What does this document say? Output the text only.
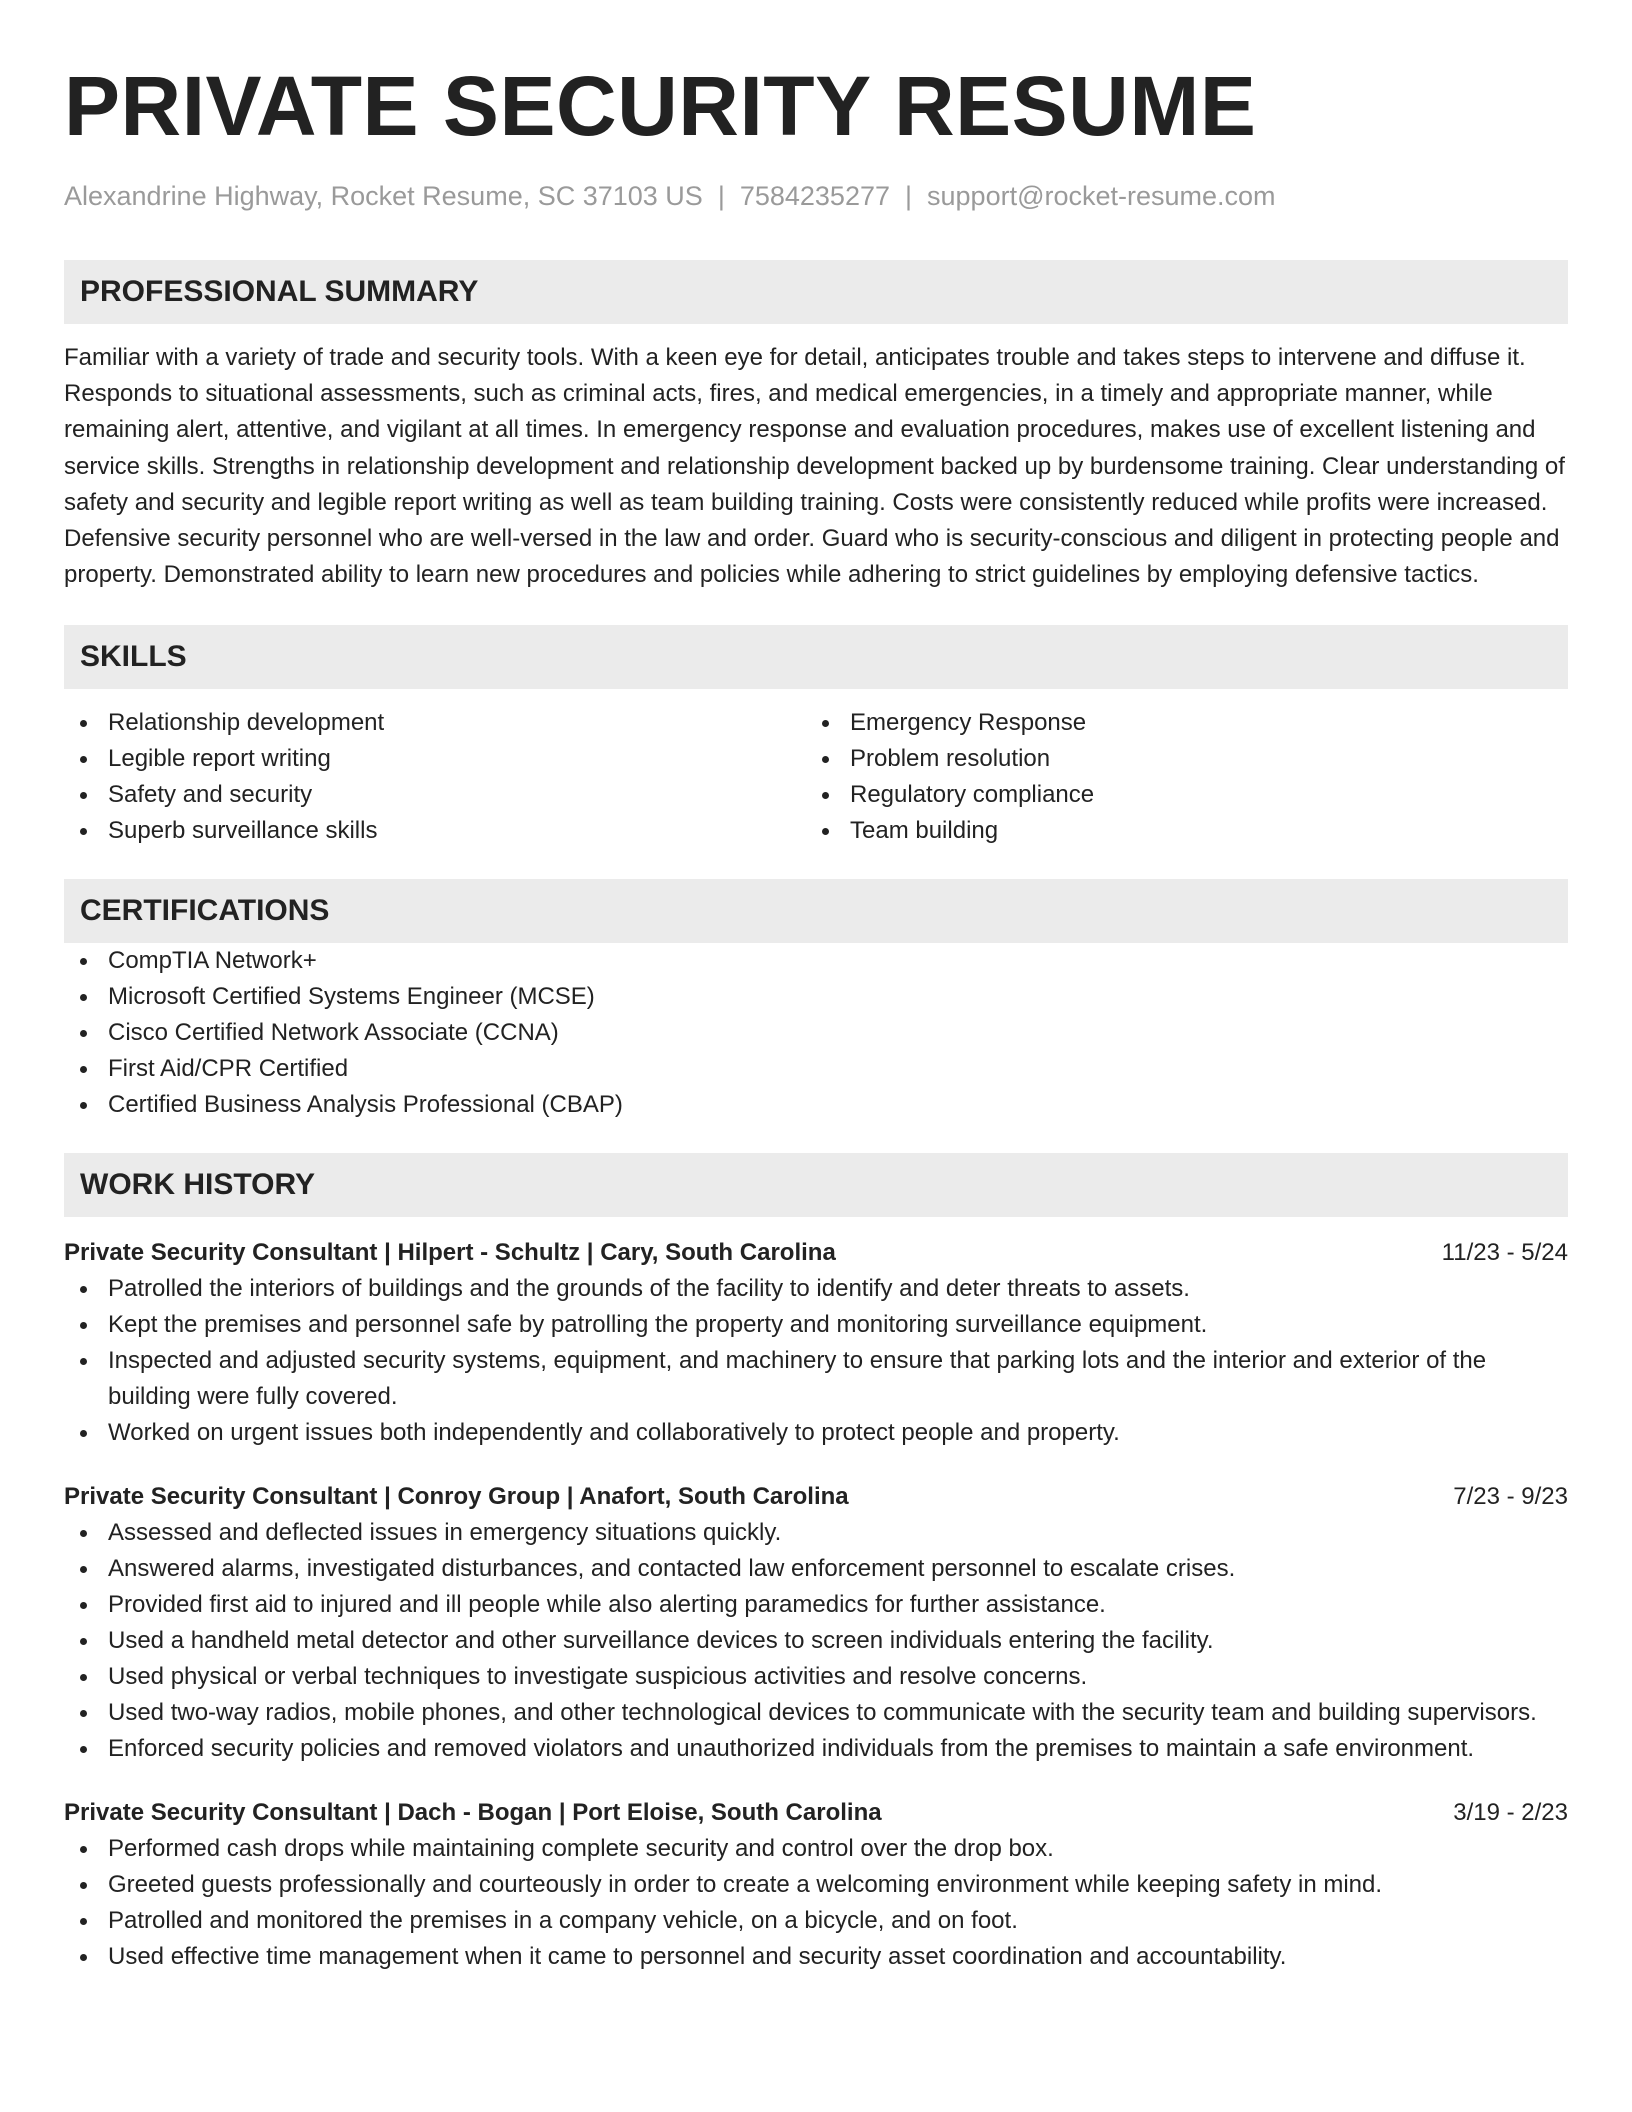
PRIVATE SECURITY RESUME
Alexandrine Highway, Rocket Resume, SC 37103 US | 7584235277 | support@rocket-resume.com
PROFESSIONAL SUMMARY

Familiar with a variety of trade and security tools. With a keen eye for detail, anticipates trouble and takes steps to intervene and diffuse it. Responds to situational assessments, such as criminal acts, fires, and medical emergencies, in a timely and appropriate manner, while remaining alert, attentive, and vigilant at all times. In emergency response and evaluation procedures, makes use of excellent listening and service skills. Strengths in relationship development and relationship development backed up by burdensome training. Clear understanding of safety and security and legible report writing as well as team building training. Costs were consistently reduced while profits were increased. Defensive security personnel who are well-versed in the law and order. Guard who is security-conscious and diligent in protecting people and property. Demonstrated ability to learn new procedures and policies while adhering to strict guidelines by employing defensive tactics.

SKILLS
Relationship development
Legible report writing
Safety and security
Superb surveillance skills
Emergency Response
Problem resolution
Regulatory compliance
Team building
CERTIFICATIONS
CompTIA Network+
Microsoft Certified Systems Engineer (MCSE)
Cisco Certified Network Associate (CCNA)
First Aid/CPR Certified
Certified Business Analysis Professional (CBAP)
WORK HISTORY
Private Security Consultant | Hilpert - Schultz | Cary, South Carolina	11/23 - 5/24
Patrolled the interiors of buildings and the grounds of the facility to identify and deter threats to assets.
Kept the premises and personnel safe by patrolling the property and monitoring surveillance equipment.
Inspected and adjusted security systems, equipment, and machinery to ensure that parking lots and the interior and exterior of the building were fully covered.
Worked on urgent issues both independently and collaboratively to protect people and property.
Private Security Consultant | Conroy Group | Anafort, South Carolina	7/23 - 9/23
Assessed and deflected issues in emergency situations quickly.
Answered alarms, investigated disturbances, and contacted law enforcement personnel to escalate crises.
Provided first aid to injured and ill people while also alerting paramedics for further assistance.
Used a handheld metal detector and other surveillance devices to screen individuals entering the facility.
Used physical or verbal techniques to investigate suspicious activities and resolve concerns.
Used two-way radios, mobile phones, and other technological devices to communicate with the security team and building supervisors.
Enforced security policies and removed violators and unauthorized individuals from the premises to maintain a safe environment.
Private Security Consultant | Dach - Bogan | Port Eloise, South Carolina	3/19 - 2/23
Performed cash drops while maintaining complete security and control over the drop box.
Greeted guests professionally and courteously in order to create a welcoming environment while keeping safety in mind.
Patrolled and monitored the premises in a company vehicle, on a bicycle, and on foot.
Used effective time management when it came to personnel and security asset coordination and accountability.
